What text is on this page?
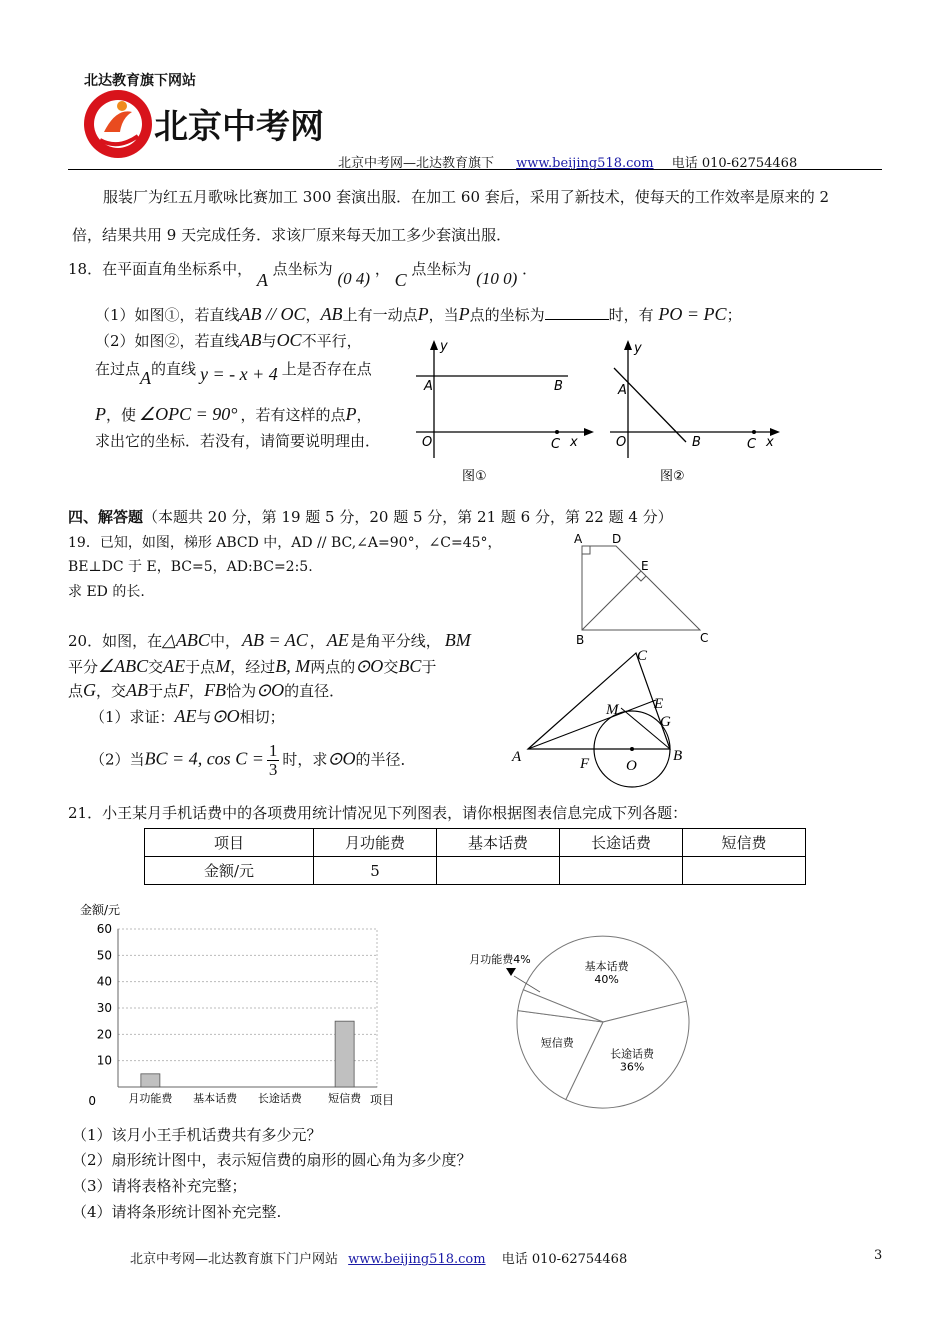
北达教育旗下网站
北京中考网
北京中考网—北达教育旗下 www.beijing518.com 电话 010-62754468
服装厂为红五月歌咏比赛加工 300 套演出服．在加工 60 套后，采用了新技术，使每天的工作效率是原来的 2
倍，结果共用 9 天完成任务．求该厂原来每天加工多少套演出服．
18．在平面直角坐标系中， A 点坐标为 (0 4) ， C 点坐标为 (10 0) ．
（1）如图①，若直线AB // OC，AB上有一动点P，当P点的坐标为	时，有 PO = PC；
（2）如图②，若直线AB与OC不平行，
在过点A的直线 y = - x + 4 上是否存在点
P，使 ∠OPC = 90° ，若有这样的点P，
求出它的坐标．若没有，请简要说明理由．
y
A	B
O	C x
图①
y
A
B
O	C x
图②
四、解答题（本题共 20 分，第 19 题 5 分，20 题 5 分，第 21 题 6 分，第 22 题 4 分）
19．已知，如图，梯形 ABCD 中，AD // BC,∠A=90°，∠C=45°，
BE⊥DC 于 E，BC=5，AD:BC=2:5.
求 ED 的长.
A D
E
B	C
20．如图，在△ABC中， AB = AC ， AE 是角平分线， BM
平分∠ABC交AE于点M，经过B, M两点的⊙O交BC于
点G，交AB于点F，FB恰为⊙O的直径．
（1）求证：AE与⊙O相切；
（2）当BC = 4, $\cos C = \frac{1}{3}$ 时，求⊙O的半径．
C
E
M
G
A	F O
B
21．小王某月手机话费中的各项费用统计情况见下列图表，请你根据图表信息完成下列各题：
项目	月功能费	基本话费	长途话费	短信费
金额/元	5			
0
10
20
30
40
50
60
月功能费 基本话费 长途话费 短信费
金额/元
项目
基本话费
40%
长途话费
36%
短信费
月功能费4%
（1）该月小王手机话费共有多少元？
（2）扇形统计图中，表示短信费的扇形的圆心角为多少度？
（3）请将表格补充完整；
（4）请将条形统计图补充完整.
北京中考网—北达教育旗下门户网站 www.beijing518.com 电话 010-62754468	3
